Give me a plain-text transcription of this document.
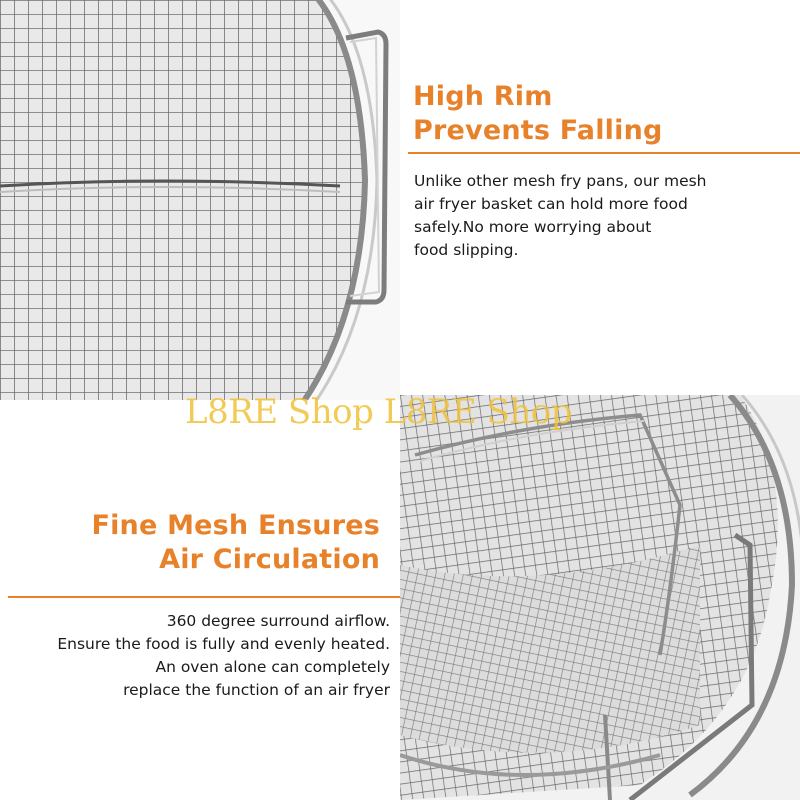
High Rim
Prevents Falling

Unlike other mesh fry pans, our mesh
air fryer basket can hold more food
safely.No more worrying about
food slipping.

Fine Mesh Ensures
Air Circulation

360 degree surround airflow.
Ensure the food is fully and evenly heated.
An oven alone can completely
replace the function of an air fryer

L8RE Shop L8RE Shop
